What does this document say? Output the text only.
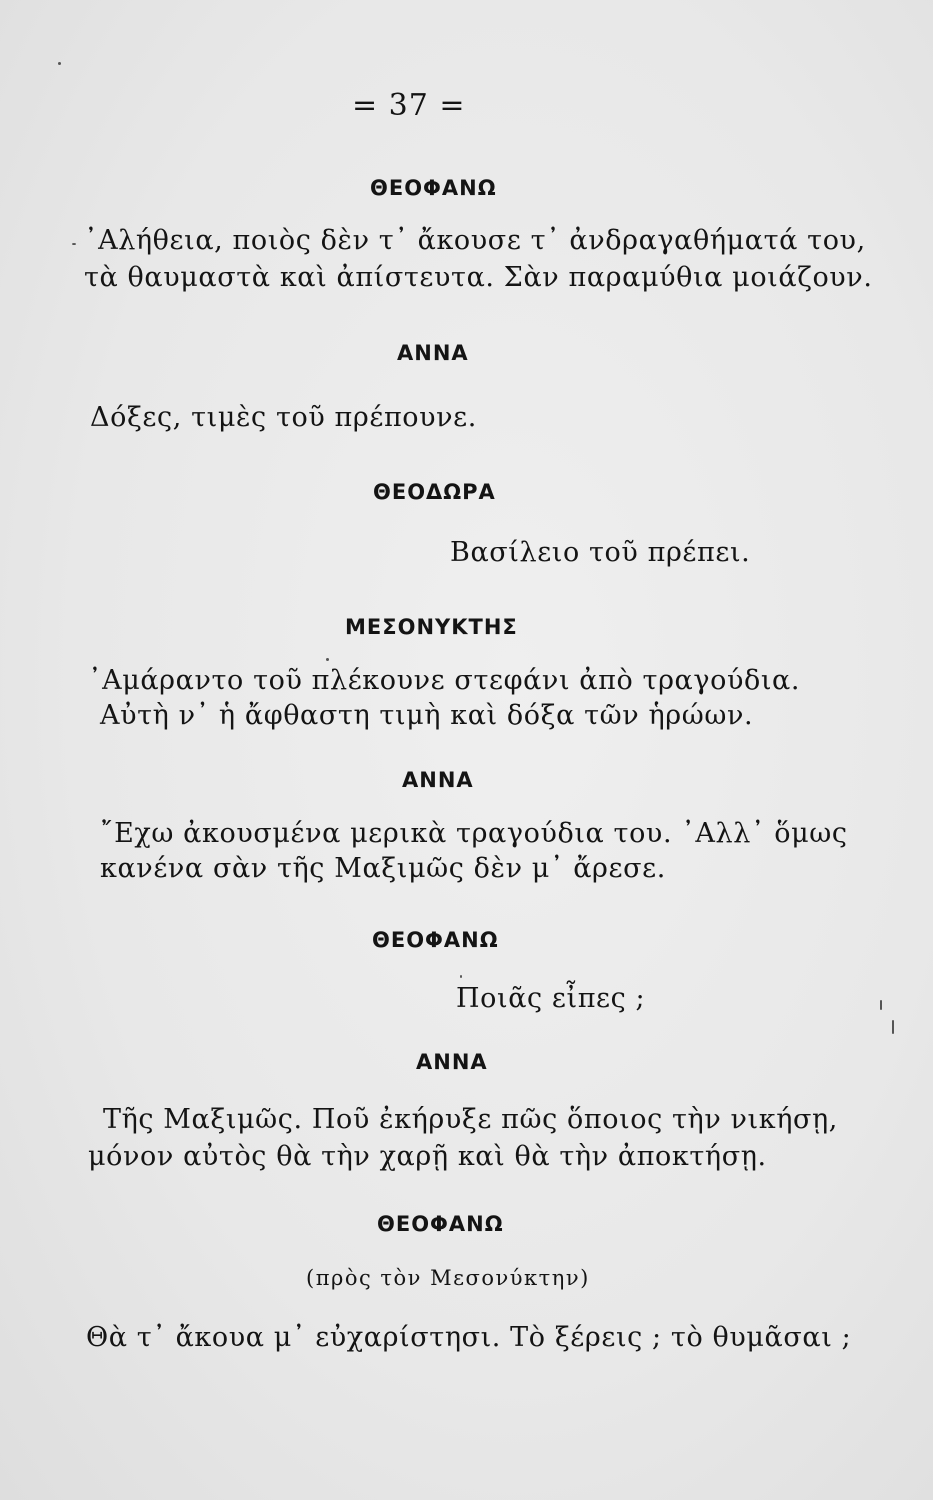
= 37 =
ΘΕΟΦΑΝΩ
᾿Αλήθεια, ποιὸς δὲν τ᾿ ἄκουσε τ᾿ ἀνδραγαθήματά του,
τὰ θαυμαστὰ καὶ ἀπίστευτα. Σὰν παραμύθια μοιάζουν.
ΑΝΝΑ
Δόξες, τιμὲς τοῦ πρέπουνε.
ΘΕΟΔΩΡΑ
Βασίλειο τοῦ πρέπει.
ΜΕΣΟΝΥΚΤΗΣ
᾿Αμάραντο τοῦ πλέκουνε στεφάνι ἀπὸ τραγούδια.
Αὐτὴ ν᾿ ἡ ἄφθαστη τιμὴ καὶ δόξα τῶν ἡρώων.
ΑΝΝΑ
῎Εχω ἀκουσμένα μερικὰ τραγούδια του. ᾿Αλλ᾿ ὅμως
κανένα σὰν τῆς Μαξιμῶς δὲν μ᾿ ἄρεσε.
ΘΕΟΦΑΝΩ
Ποιᾶς εἶπες ;
ΑΝΝΑ
Τῆς Μαξιμῶς. Ποῦ ἐκήρυξε πῶς ὅποιος τὴν νικήσῃ,
μόνον αὐτὸς θὰ τὴν χαρῇ καὶ θὰ τὴν ἀποκτήσῃ.
ΘΕΟΦΑΝΩ
(πρὸς τὸν Μεσονύκτην)
Θὰ τ᾿ ἄκουα μ᾿ εὐχαρίστησι. Τὸ ξέρεις ; τὸ θυμᾶσαι ;
